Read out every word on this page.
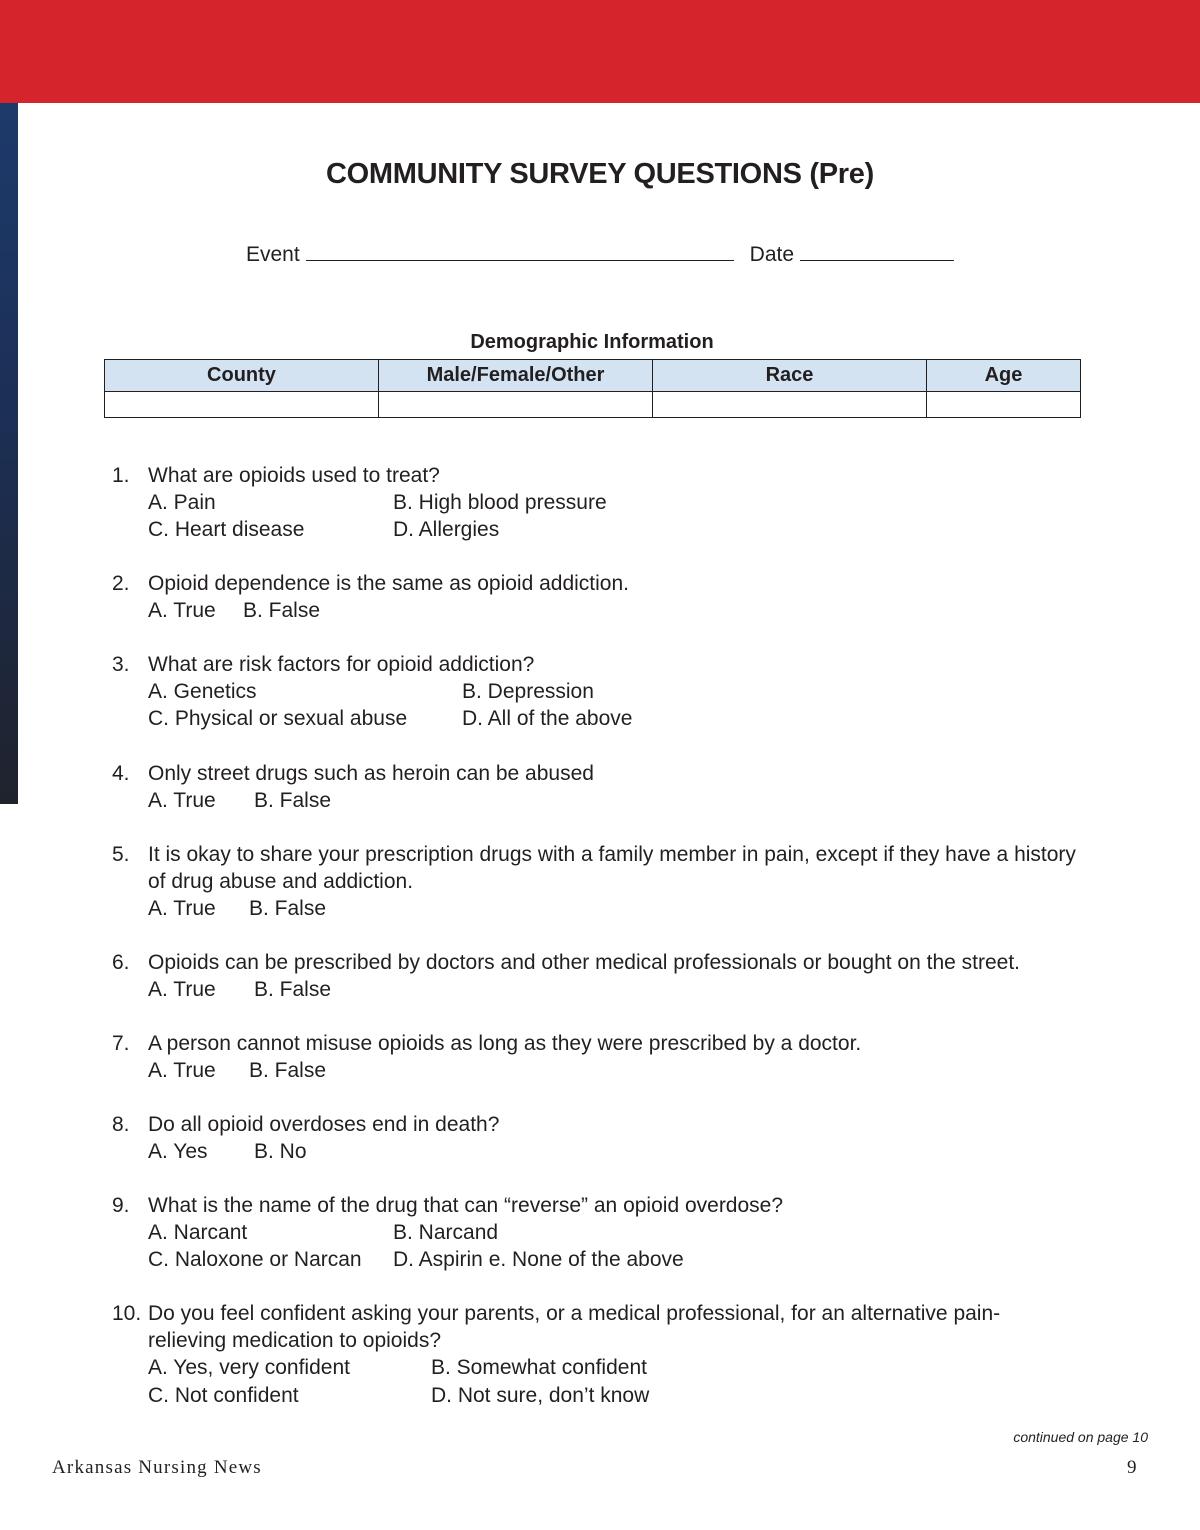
COMMUNITY SURVEY QUESTIONS (Pre)
Event	Date
Demographic Information
County	Male/Female/Other	Race	Age

1. What are opioids used to treat?
A. Pain	B. High blood pressure
C. Heart disease	D. Allergies
2. Opioid dependence is the same as opioid addiction.
A. True	B. False
3. What are risk factors for opioid addiction?
A. Genetics	B. Depression
C. Physical or sexual abuse	D. All of the above
4. Only street drugs such as heroin can be abused
A. True	B. False
5. It is okay to share your prescription drugs with a family member in pain, except if they have a history of drug abuse and addiction.
A. True	B. False
6. Opioids can be prescribed by doctors and other medical professionals or bought on the street.
A. True	B. False
7. A person cannot misuse opioids as long as they were prescribed by a doctor.
A. True	B. False
8. Do all opioid overdoses end in death?
A. Yes	B. No
9. What is the name of the drug that can “reverse” an opioid overdose?
A. Narcant	B. Narcand
C. Naloxone or Narcan	D. Aspirin e. None of the above
10. Do you feel confident asking your parents, or a medical professional, for an alternative pain-relieving medication to opioids?
A. Yes, very confident	B. Somewhat confident
C. Not confident	D. Not sure, don’t know
continued on page 10
Arkansas Nursing News	9
